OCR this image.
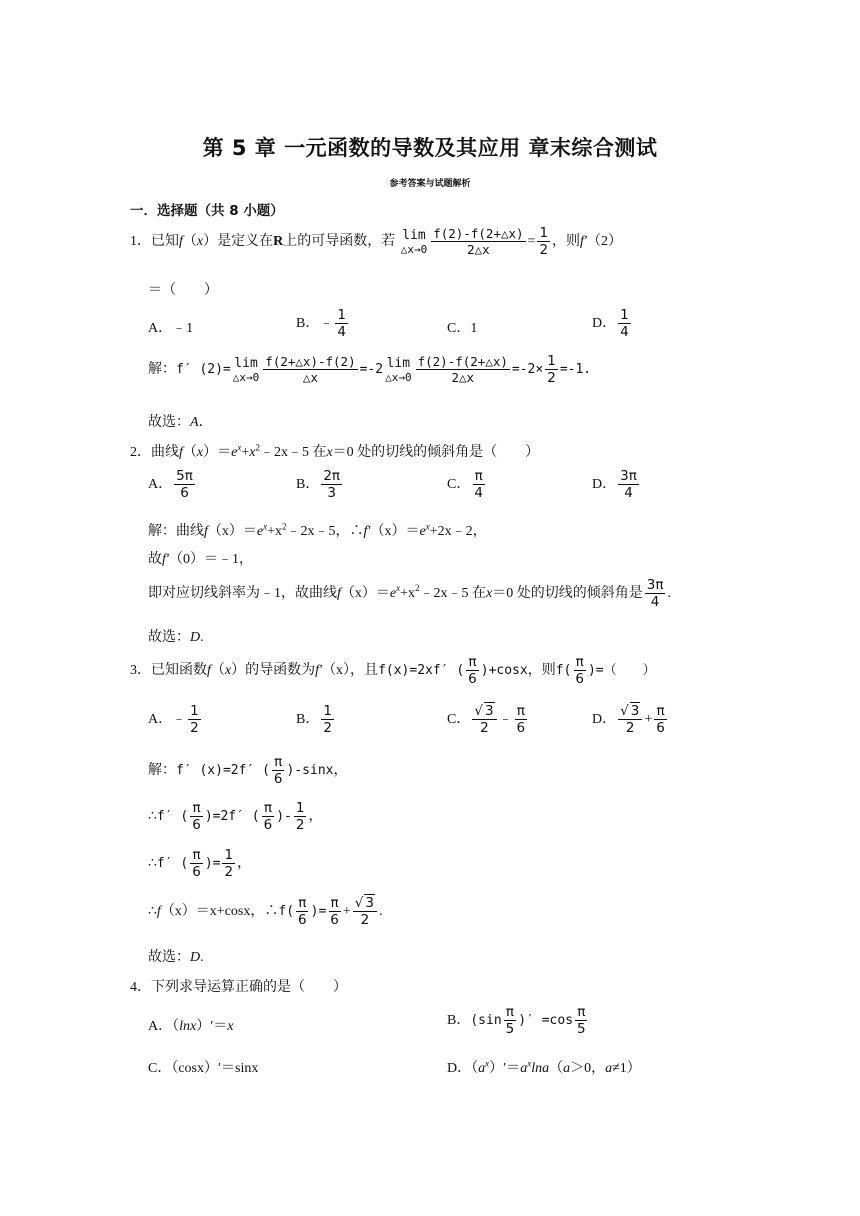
第 5 章 一元函数的导数及其应用 章末综合测试
参考答案与试题解析
一．选择题（共 8 小题）
1．已知f（x）是定义在R上的可导函数，若 lim
△x→0 $\frac{f(2)-f(2+\triangle x)}{2\triangle x} = \frac{1}{2}$ ，则f′（2）
＝（　　）
A．﹣1	B．﹣ $\frac{1}{4}$	C．1	D． $\frac{1}{4}$
解：f′ (2)= lim
△x→0 $\frac{f(2+\triangle x)-f(2)}{\triangle x} =-2$ lim
△x→0 $\frac{f(2)-f(2+\triangle x)}{2\triangle x} =-2\times \frac{1}{2} =-1$.
故选：A．
2．曲线$f(x)=e^x+x^2﹣2x﹣5$ 在x＝0 处的切线的倾斜角是（　　）
A． $\frac{5\pi}{6}$	B． $\frac{2\pi}{3}$	C． $\frac{\pi}{4}$	D． $\frac{3\pi}{4}$
解：曲线$f(x)=e^x+x^2﹣2x﹣5$，$\therefore f'(x)=e^x+2x﹣2$，
故f′（0）＝﹣1，
即对应切线斜率为﹣1，故曲线$f(x)=e^x+x^2﹣2x﹣5$ 在x＝0 处的切线的倾斜角是 $\frac{3\pi}{4}$ .
故选：D.
3．已知函数f（x）的导函数为f′（x），且f(x)=2xf′ ( $\frac{\pi}{6} )+\cos x$，则$f( \frac{\pi}{6}$ )=（　　）
A．﹣ $\frac{1}{2}$	B． $\frac{1}{2}$	C． $\frac{√ 3}{2}$ ﹣ $\frac{\pi}{6}$	D． $\frac{√ 3}{2} + \frac{\pi}{6}$
解：f′ (x)=2f′ ( $\frac{\pi}{6} )-\sin x$，
∴f′ ( $\frac{\pi}{6} )=2f'$ ( $\frac{\pi}{6}$ )- $\frac{1}{2}$ ，
∴f′ ( $\frac{\pi}{6}$ )= $\frac{1}{2}$ ，
∴f（x）＝x+cosx，∴f( $\frac{\pi}{6}$ )= $\frac{\pi}{6} + \frac{√ 3}{2}$ .
故选：D.
4．下列求导运算正确的是（　　）
A．（lnx）′＝x	B．($\sin \frac{\pi}{5}$ )′ $=\cos \frac{\pi}{5}$
C．（cosx）′＝sinx	D．$(a^x)'=a^x\ln a(a>0$，a≠1）
